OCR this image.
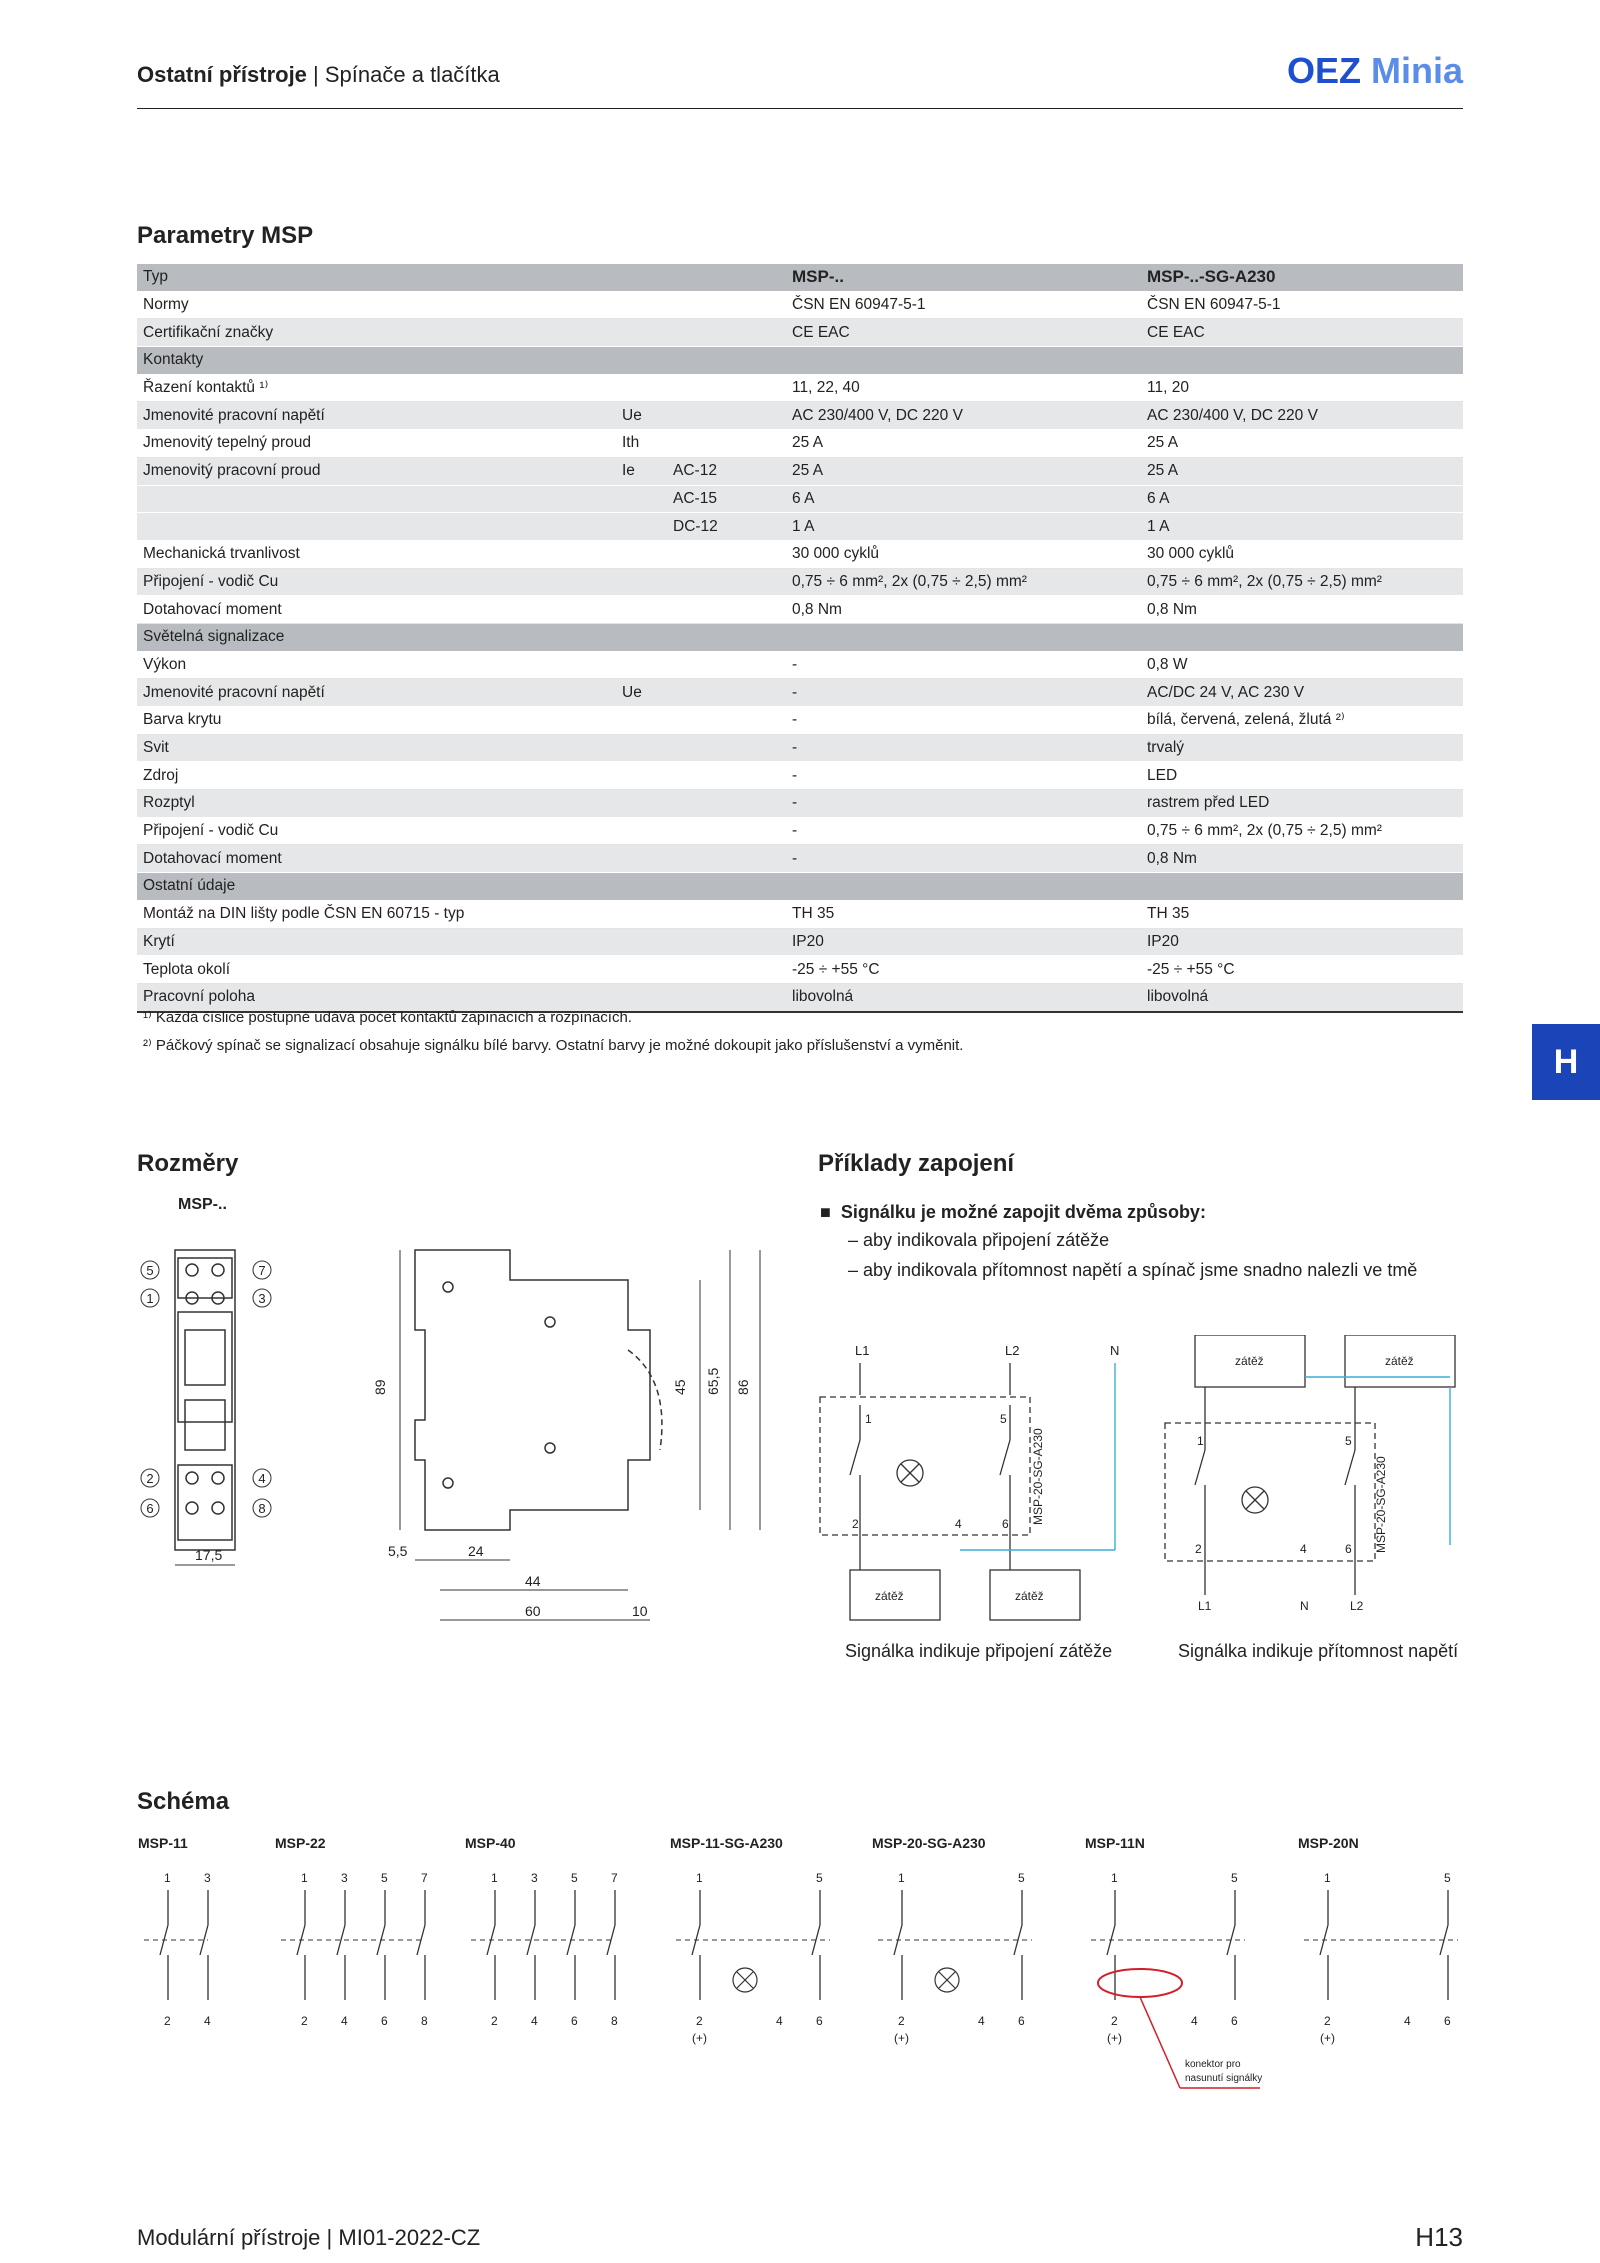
Ostatní přístroje | Spínače a tlačítka	OEZ Minia
Parametry MSP
Typ			MSP-..	MSP-..-SG-A230
Normy			ČSN EN 60947-5-1	ČSN EN 60947-5-1
Certifikační značky			CE EAC	CE EAC
Kontakty				
Řazení kontaktů ¹⁾			11, 22, 40	11, 20
Jmenovité pracovní napětí	Ue		AC 230/400 V, DC 220 V	AC 230/400 V, DC 220 V
Jmenovitý tepelný proud	Ith		25 A	25 A
Jmenovitý pracovní proud	Ie	AC-12	25 A	25 A
		AC-15	6 A	6 A
		DC-12	1 A	1 A
Mechanická trvanlivost			30 000 cyklů	30 000 cyklů
Připojení - vodič Cu			0,75 ÷ 6 mm², 2x (0,75 ÷ 2,5) mm²	0,75 ÷ 6 mm², 2x (0,75 ÷ 2,5) mm²
Dotahovací moment			0,8 Nm	0,8 Nm
Světelná signalizace				
Výkon			-	0,8 W
Jmenovité pracovní napětí	Ue		-	AC/DC 24 V, AC 230 V
Barva krytu			-	bílá, červená, zelená, žlutá ²⁾
Svit			-	trvalý
Zdroj			-	LED
Rozptyl			-	rastrem před LED
Připojení - vodič Cu			-	0,75 ÷ 6 mm², 2x (0,75 ÷ 2,5) mm²
Dotahovací moment			-	0,8 Nm
Ostatní údaje				
Montáž na DIN lišty podle ČSN EN 60715 - typ			TH 35	TH 35
Krytí			IP20	IP20
Teplota okolí			-25 ÷ +55 °C	-25 ÷ +55 °C
Pracovní poloha			libovolná	libovolná
¹⁾ Každá číslice postupně udává počet kontaktů zapínacích a rozpínacích.
²⁾ Páčkový spínač se signalizací obsahuje signálku bílé barvy. Ostatní barvy je možné dokoupit jako příslušenství a vyměnit.	H
Rozměry
MSP-..
17,5
89	45 65,5 86
5,5	24
44
60	10
5	7
1	3
2	4
6	8
Příklady zapojení
■  Signálku je možné zapojit dvěma způsoby:
– aby indikovala připojení zátěže
– aby indikovala přítomnost napětí a spínač jsme snadno nalezli ve tmě
L1	L2	N
1	5
2	4	6 MSP-20-SG-A230
zátěž	zátěž
zátěž	zátěž
1	5
2	4	6 MSP-20-SG-A230
L1	N	L2
Signálka indikuje připojení zátěže	Signálka indikuje přítomnost napětí
Schéma
MSP-11
1	3
2	4
MSP-22
1	3	5	7
2	4	6	8
MSP-40
1	3	5	7
2	4	6	8
MSP-11-SG-A230
1	5
2	4	6
(+)
MSP-20-SG-A230
1	5
2	4	6
(+)
MSP-11N
1	5
2	4	6
(+)
MSP-20N
1	5
2	4	6
(+)
konektor pro
nasunutí signálky
Modulární přístroje | MI01-2022-CZ	H13
